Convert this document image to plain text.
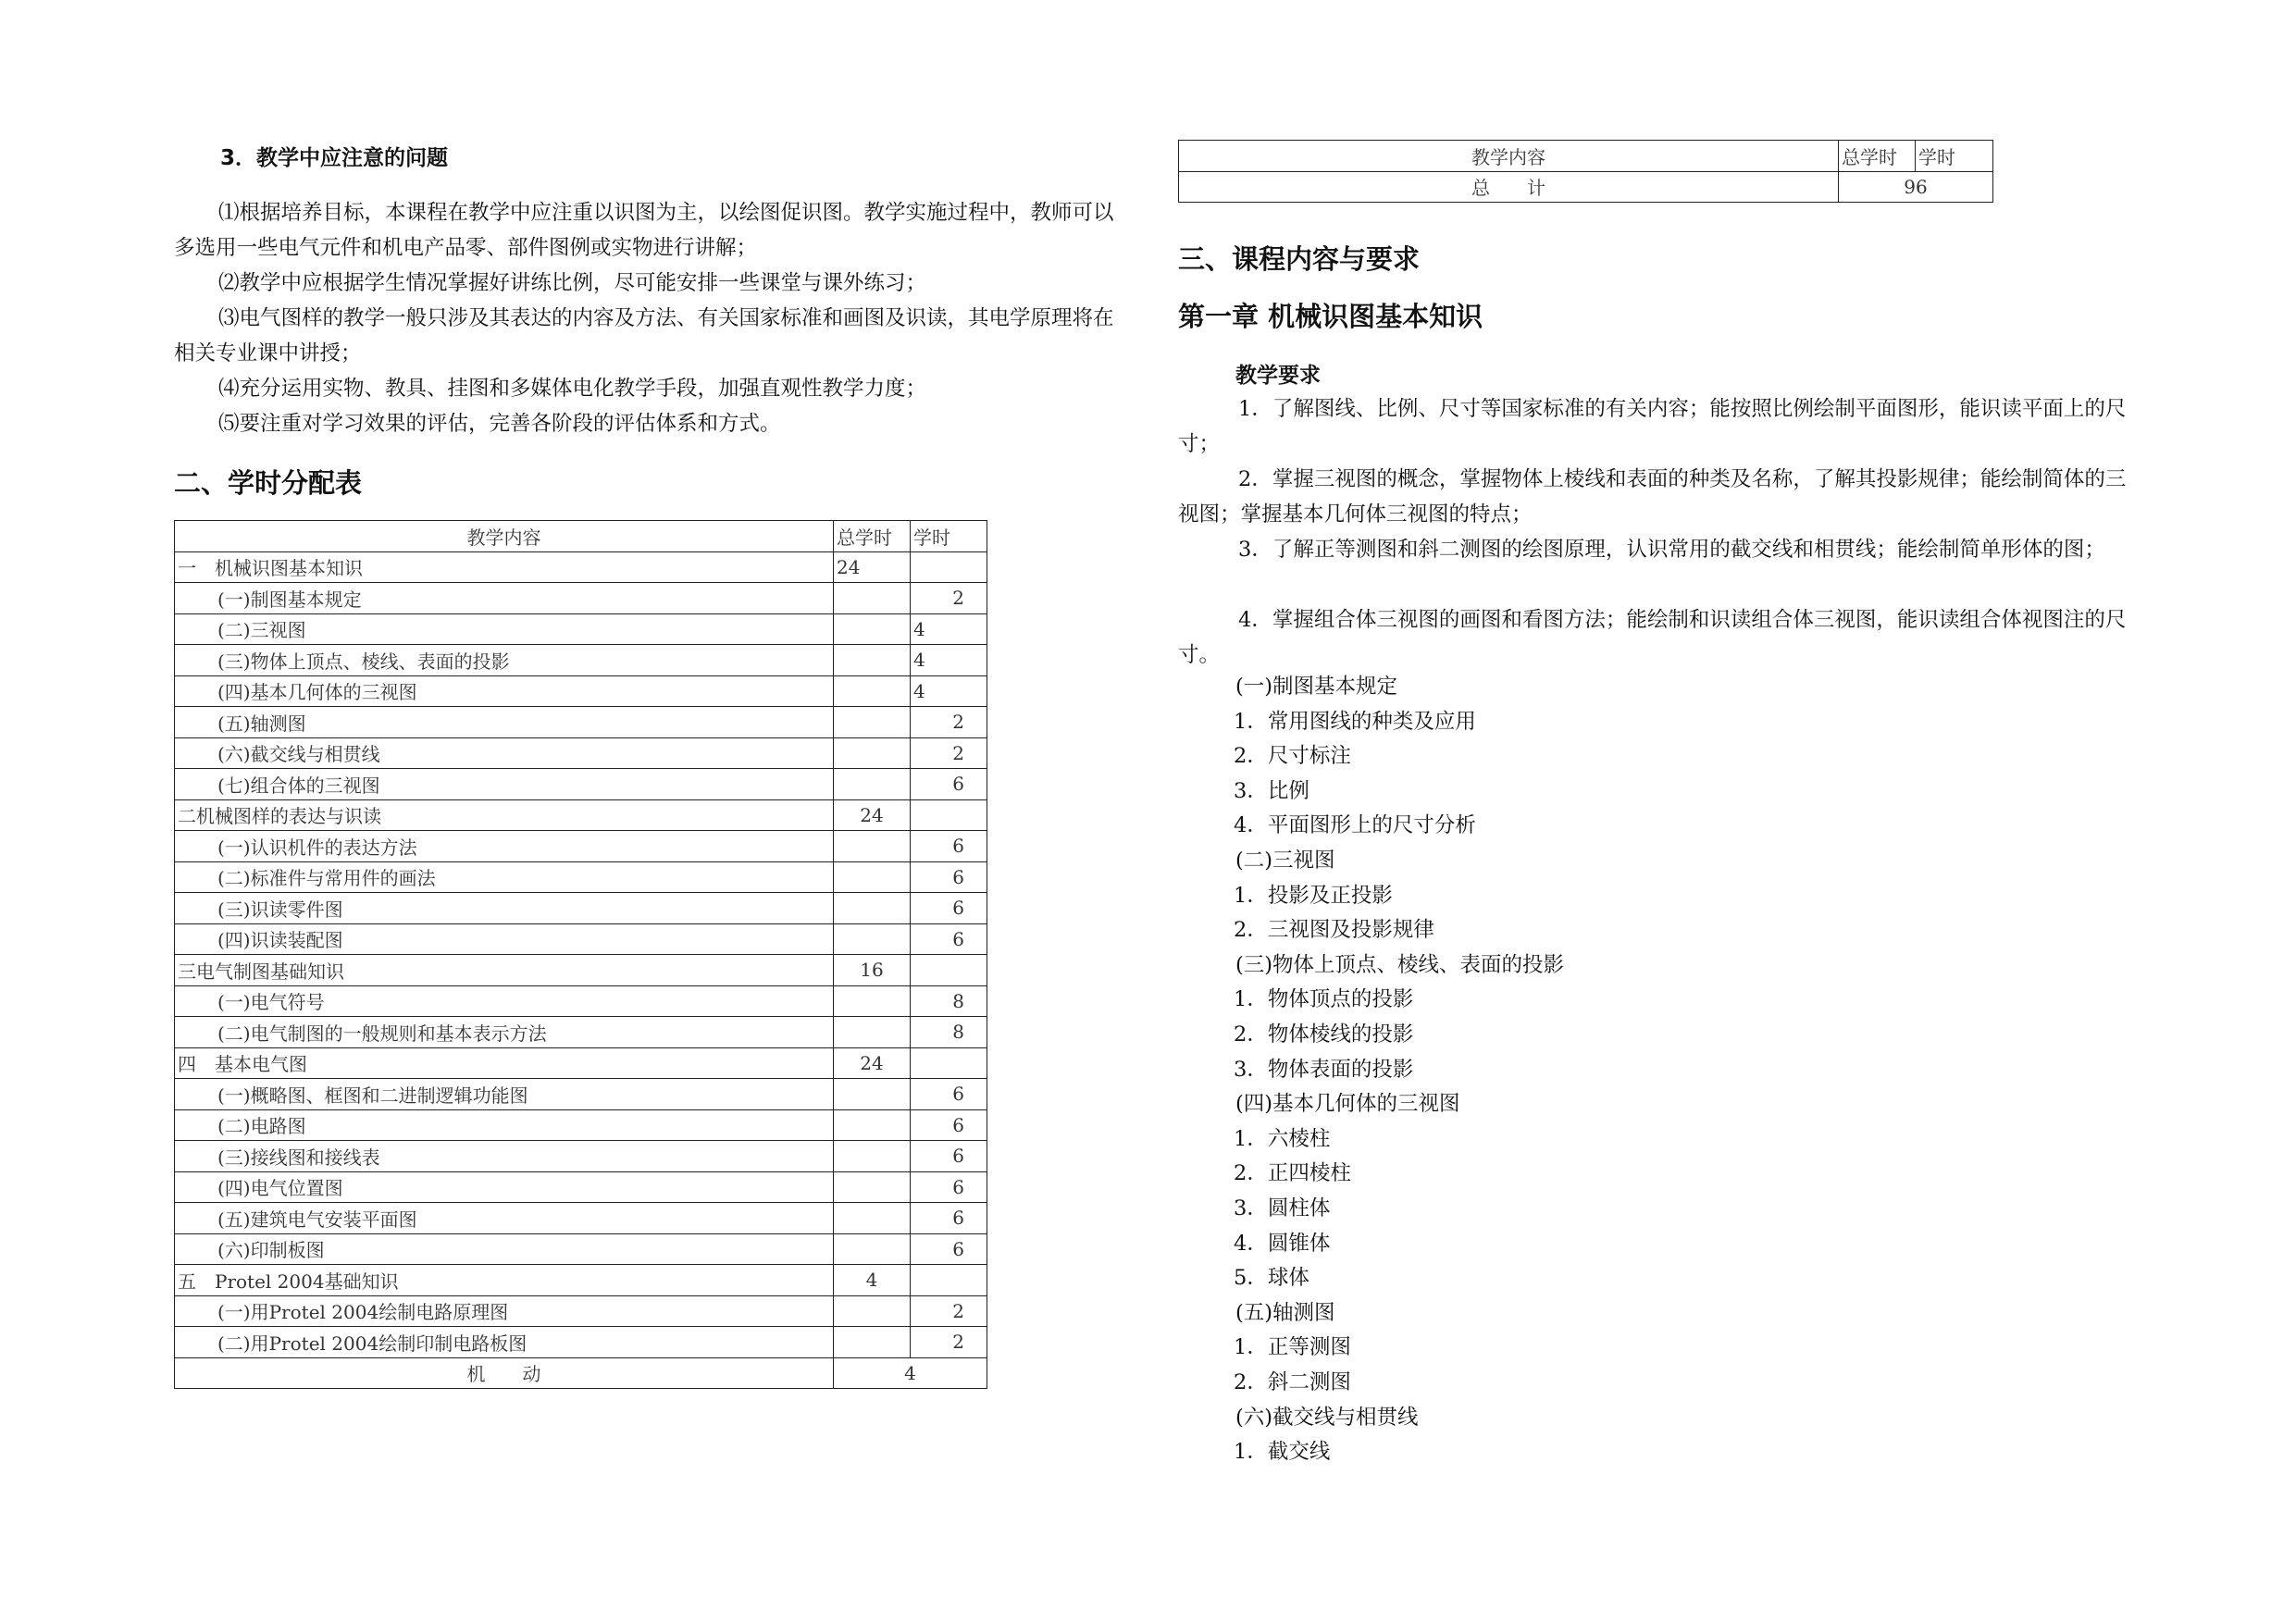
3．教学中应注意的问题
⑴根据培养目标，本课程在教学中应注重以识图为主，以绘图促识图。教学实施过程中，教师可以多选用一些电气元件和机电产品零、部件图例或实物进行讲解；
⑵教学中应根据学生情况掌握好讲练比例，尽可能安排一些课堂与课外练习；
⑶电气图样的教学一般只涉及其表达的内容及方法、有关国家标准和画图及识读，其电学原理将在相关专业课中讲授；
⑷充分运用实物、教具、挂图和多媒体电化教学手段，加强直观性教学力度；
⑸要注重对学习效果的评估，完善各阶段的评估体系和方式。
二、学时分配表
教学内容	总学时	学时
一　机械识图基本知识	24	
(一)制图基本规定		2
(二)三视图		4
(三)物体上顶点、棱线、表面的投影		4
(四)基本几何体的三视图		4
(五)轴测图		2
(六)截交线与相贯线		2
(七)组合体的三视图		6
二机械图样的表达与识读	24	
(一)认识机件的表达方法		6
(二)标准件与常用件的画法		6
(三)识读零件图		6
(四)识读装配图		6
三电气制图基础知识	16	
(一)电气符号		8
(二)电气制图的一般规则和基本表示方法		8
四　基本电气图	24	
(一)概略图、框图和二进制逻辑功能图		6
(二)电路图		6
(三)接线图和接线表		6
(四)电气位置图		6
(五)建筑电气安装平面图		6
(六)印制板图		6
五　Protel 2004基础知识	4	
(一)用Protel 2004绘制电路原理图		2
(二)用Protel 2004绘制印制电路板图		2
机　　动	4	
教学内容	总学时	学时
总　　计	96	
三、课程内容与要求
第一章 机械识图基本知识
教学要求
1．了解图线、比例、尺寸等国家标准的有关内容；能按照比例绘制平面图形，能识读平面上的尺寸；
2．掌握三视图的概念，掌握物体上棱线和表面的种类及名称，了解其投影规律；能绘制简体的三视图；掌握基本几何体三视图的特点；
3．了解正等测图和斜二测图的绘图原理，认识常用的截交线和相贯线；能绘制简单形体的图；
4．掌握组合体三视图的画图和看图方法；能绘制和识读组合体三视图，能识读组合体视图注的尺寸。
(一)制图基本规定
1．常用图线的种类及应用
2．尺寸标注
3．比例
4．平面图形上的尺寸分析
(二)三视图
1．投影及正投影
2．三视图及投影规律
(三)物体上顶点、棱线、表面的投影
1．物体顶点的投影
2．物体棱线的投影
3．物体表面的投影
(四)基本几何体的三视图
1．六棱柱
2．正四棱柱
3．圆柱体
4．圆锥体
5．球体
(五)轴测图
1．正等测图
2．斜二测图
(六)截交线与相贯线
1．截交线
